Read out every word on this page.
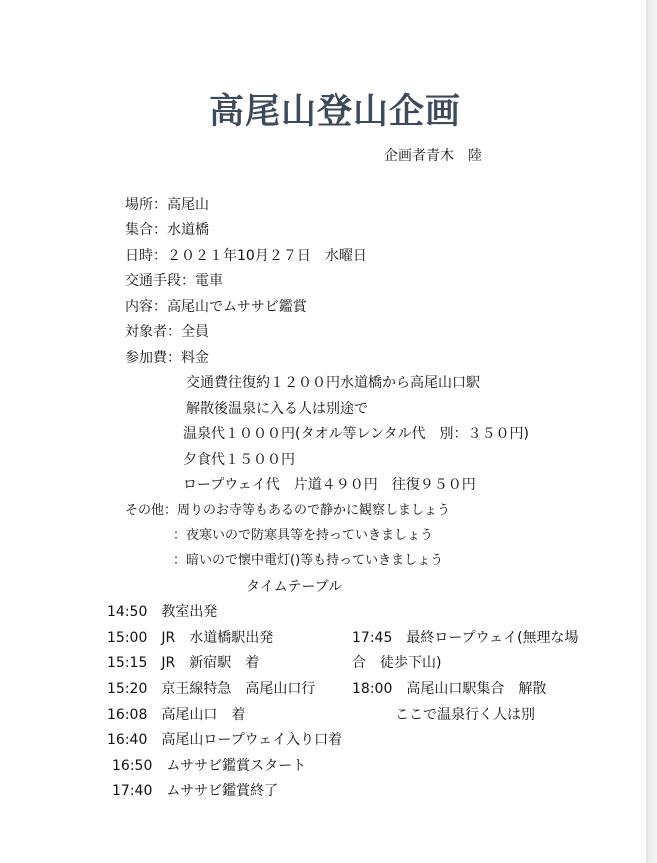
高尾山登山企画
企画者青木　陸
場所：高尾山
集合：水道橋
日時：２０２１年10月２７日　水曜日
交通手段：電車
内容：高尾山でムササビ鑑賞
対象者：全員
参加費：料金
交通費往復約１２００円水道橋から高尾山口駅
解散後温泉に入る人は別途で
温泉代１０００円(タオル等レンタル代　別：３５０円)
夕食代１５００円
ロープウェイ代　片道４９０円　往復９５０円
その他：周りのお寺等もあるので静かに観察しましょう
：夜寒いので防寒具等を持っていきましょう
：暗いので懐中電灯()等も持っていきましょう
タイムテーブル
14:50　教室出発
15:00　JR　水道橋駅出発
15:15　JR　新宿駅　着
15:20　京王線特急　高尾山口行
16:08　高尾山口　着
16:40　高尾山ロープウェイ入り口着
16:50　ムササビ鑑賞スタート
17:40　ムササビ鑑賞終了
17:45　最終ロープウェイ(無理な場
合　徒歩下山)
18:00　高尾山口駅集合　解散
ここで温泉行く人は別
